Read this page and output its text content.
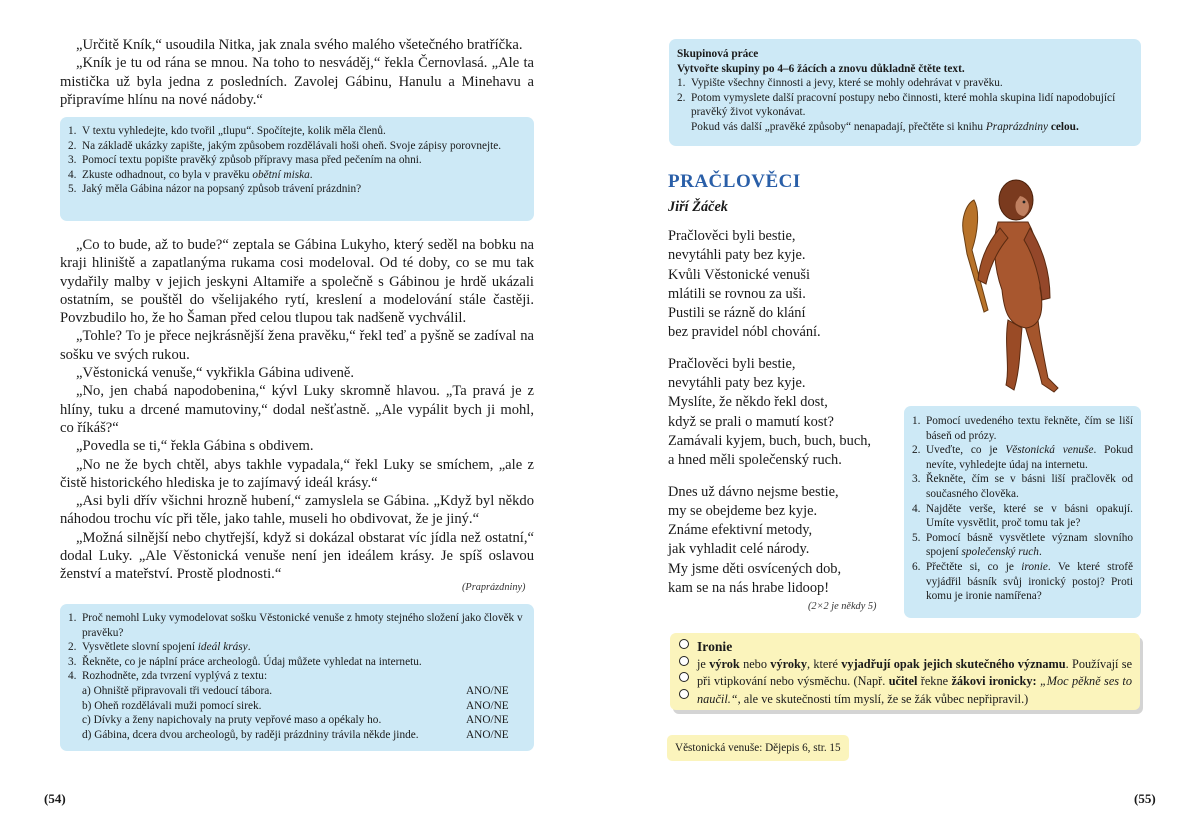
„Určitě Kník,“ usoudila Nitka, jak znala svého malého všetečného bratříčka.

„Kník je tu od rána se mnou. Na toho to nesváděj,“ řekla Černovlasá. „Ale ta mistička už byla jedna z posledních. Zavolej Gábinu, Hanulu a Minehavu a připravíme hlínu na nové nádoby.“

1. V textu vyhledejte, kdo tvořil „tlupu“. Spočítejte, kolik měla členů.
2. Na základě ukázky zapište, jakým způsobem rozdělávali hoši oheň. Svoje zápisy porovnejte.
3. Pomocí textu popište pravěký způsob přípravy masa před pečením na ohni.
4. Zkuste odhadnout, co byla v pravěku obětní miska.
5. Jaký měla Gábina názor na popsaný způsob trávení prázdnin?

„Co to bude, až to bude?“ zeptala se Gábina Lukyho, který seděl na bobku na kraji hliniště a zapatlanýma rukama cosi modeloval. Od té doby, co se mu tak vydařily malby v jejich jeskyni Altamiře a společně s Gábinou je hrdě ukázali ostatním, se pouštěl do všelijakého rytí, kreslení a modelování stále častěji. Povzbudilo ho, že ho Šaman před celou tlupou tak nadšeně vychválil.

„Tohle? To je přece nejkrásnější žena pravěku,“ řekl teď a pyšně se zadíval na sošku ve svých rukou.

„Věstonická venuše,“ vykřikla Gábina udiveně.

„No, jen chabá napodobenina,“ kývl Luky skromně hlavou. „Ta pravá je z hlíny, tuku a drcené mamutoviny,“ dodal nešťastně. „Ale vypálit bych ji mohl, co říkáš?“

„Povedla se ti,“ řekla Gábina s obdivem.

„No ne že bych chtěl, abys takhle vypadala,“ řekl Luky se smíchem, „ale z čistě historického hlediska je to zajímavý ideál krásy.“

„Asi byli dřív všichni hrozně hubení,“ zamyslela se Gábina. „Když byl někdo náhodou trochu víc při těle, jako tahle, museli ho obdivovat, že je jiný.“

„Možná silnější nebo chytřejší, když si dokázal obstarat víc jídla než ostatní,“ dodal Luky. „Ale Věstonická venuše není jen ideálem krásy. Je spíš oslavou ženství a mateřství. Prostě plodnosti.“

(Praprázdniny)
1. Proč nemohl Luky vymodelovat sošku Věstonické venuše z hmoty stejného složení jako člověk v pravěku?
2. Vysvětlete slovní spojení ideál krásy.
3. Řekněte, co je náplní práce archeologů. Údaj můžete vyhledat na internetu.
4. Rozhodněte, zda tvrzení vyplývá z textu:
a) Ohniště připravovali tři vedoucí tábora.	ANO/NE
b) Oheň rozdělávali muži pomocí sirek.	ANO/NE
c) Dívky a ženy napichovaly na pruty vepřové maso a opékaly ho.	ANO/NE
d) Gábina, dcera dvou archeologů, by raději prázdniny trávila někde jinde.	ANO/NE
(54)
Skupinová práce
Vytvořte skupiny po 4–6 žácích a znovu důkladně čtěte text.
1. Vypište všechny činnosti a jevy, které se mohly odehrávat v pravěku.
2. Potom vymyslete další pracovní postupy nebo činnosti, které mohla skupina lidí napodobující pravěký život vykonávat.
Pokud vás další „pravěké způsoby“ nenapadají, přečtěte si knihu Praprázdniny celou.
PRAČLOVĚCI
Jiří Žáček
Pračlověci byli bestie,
nevytáhli paty bez kyje.
Kvůli Věstonické venuši
mlátili se rovnou za uši.
Pustili se rázně do klání
bez pravidel nóbl chování.
Pračlověci byli bestie,
nevytáhli paty bez kyje.
Myslíte, že někdo řekl dost,
když se prali o mamutí kost?
Zamávali kyjem, buch, buch, buch,
a hned měli společenský ruch.
Dnes už dávno nejsme bestie,
my se obejdeme bez kyje.
Známe efektivní metody,
jak vyhladit celé národy.
My jsme děti osvícených dob,
kam se na nás hrabe lidoop!
(2×2 je někdy 5)
1. Pomocí uvedeného textu řekněte, čím se liší báseň od prózy.
2. Uveďte, co je Věstonická venuše. Pokud nevíte, vyhledejte údaj na internetu.
3. Řekněte, čím se v básni liší pračlověk od současného člověka.
4. Najděte verše, které se v básni opakují. Umíte vysvětlit, proč tomu tak je?
5. Pomocí básně vysvětlete význam slovního spojení společenský ruch.
6. Přečtěte si, co je ironie. Ve které strofě vyjádřil básník svůj ironický postoj? Proti komu je ironie namířena?
Ironie
je výrok nebo výroky, které vyjadřují opak jejich skutečného významu. Používají se při vtipkování nebo výsměchu. (Např. učitel řekne žákovi ironicky: „Moc pěkně ses to naučil.“, ale ve skutečnosti tím myslí, že se žák vůbec nepřipravil.)
Věstonická venuše: Dějepis 6, str. 15
(55)
